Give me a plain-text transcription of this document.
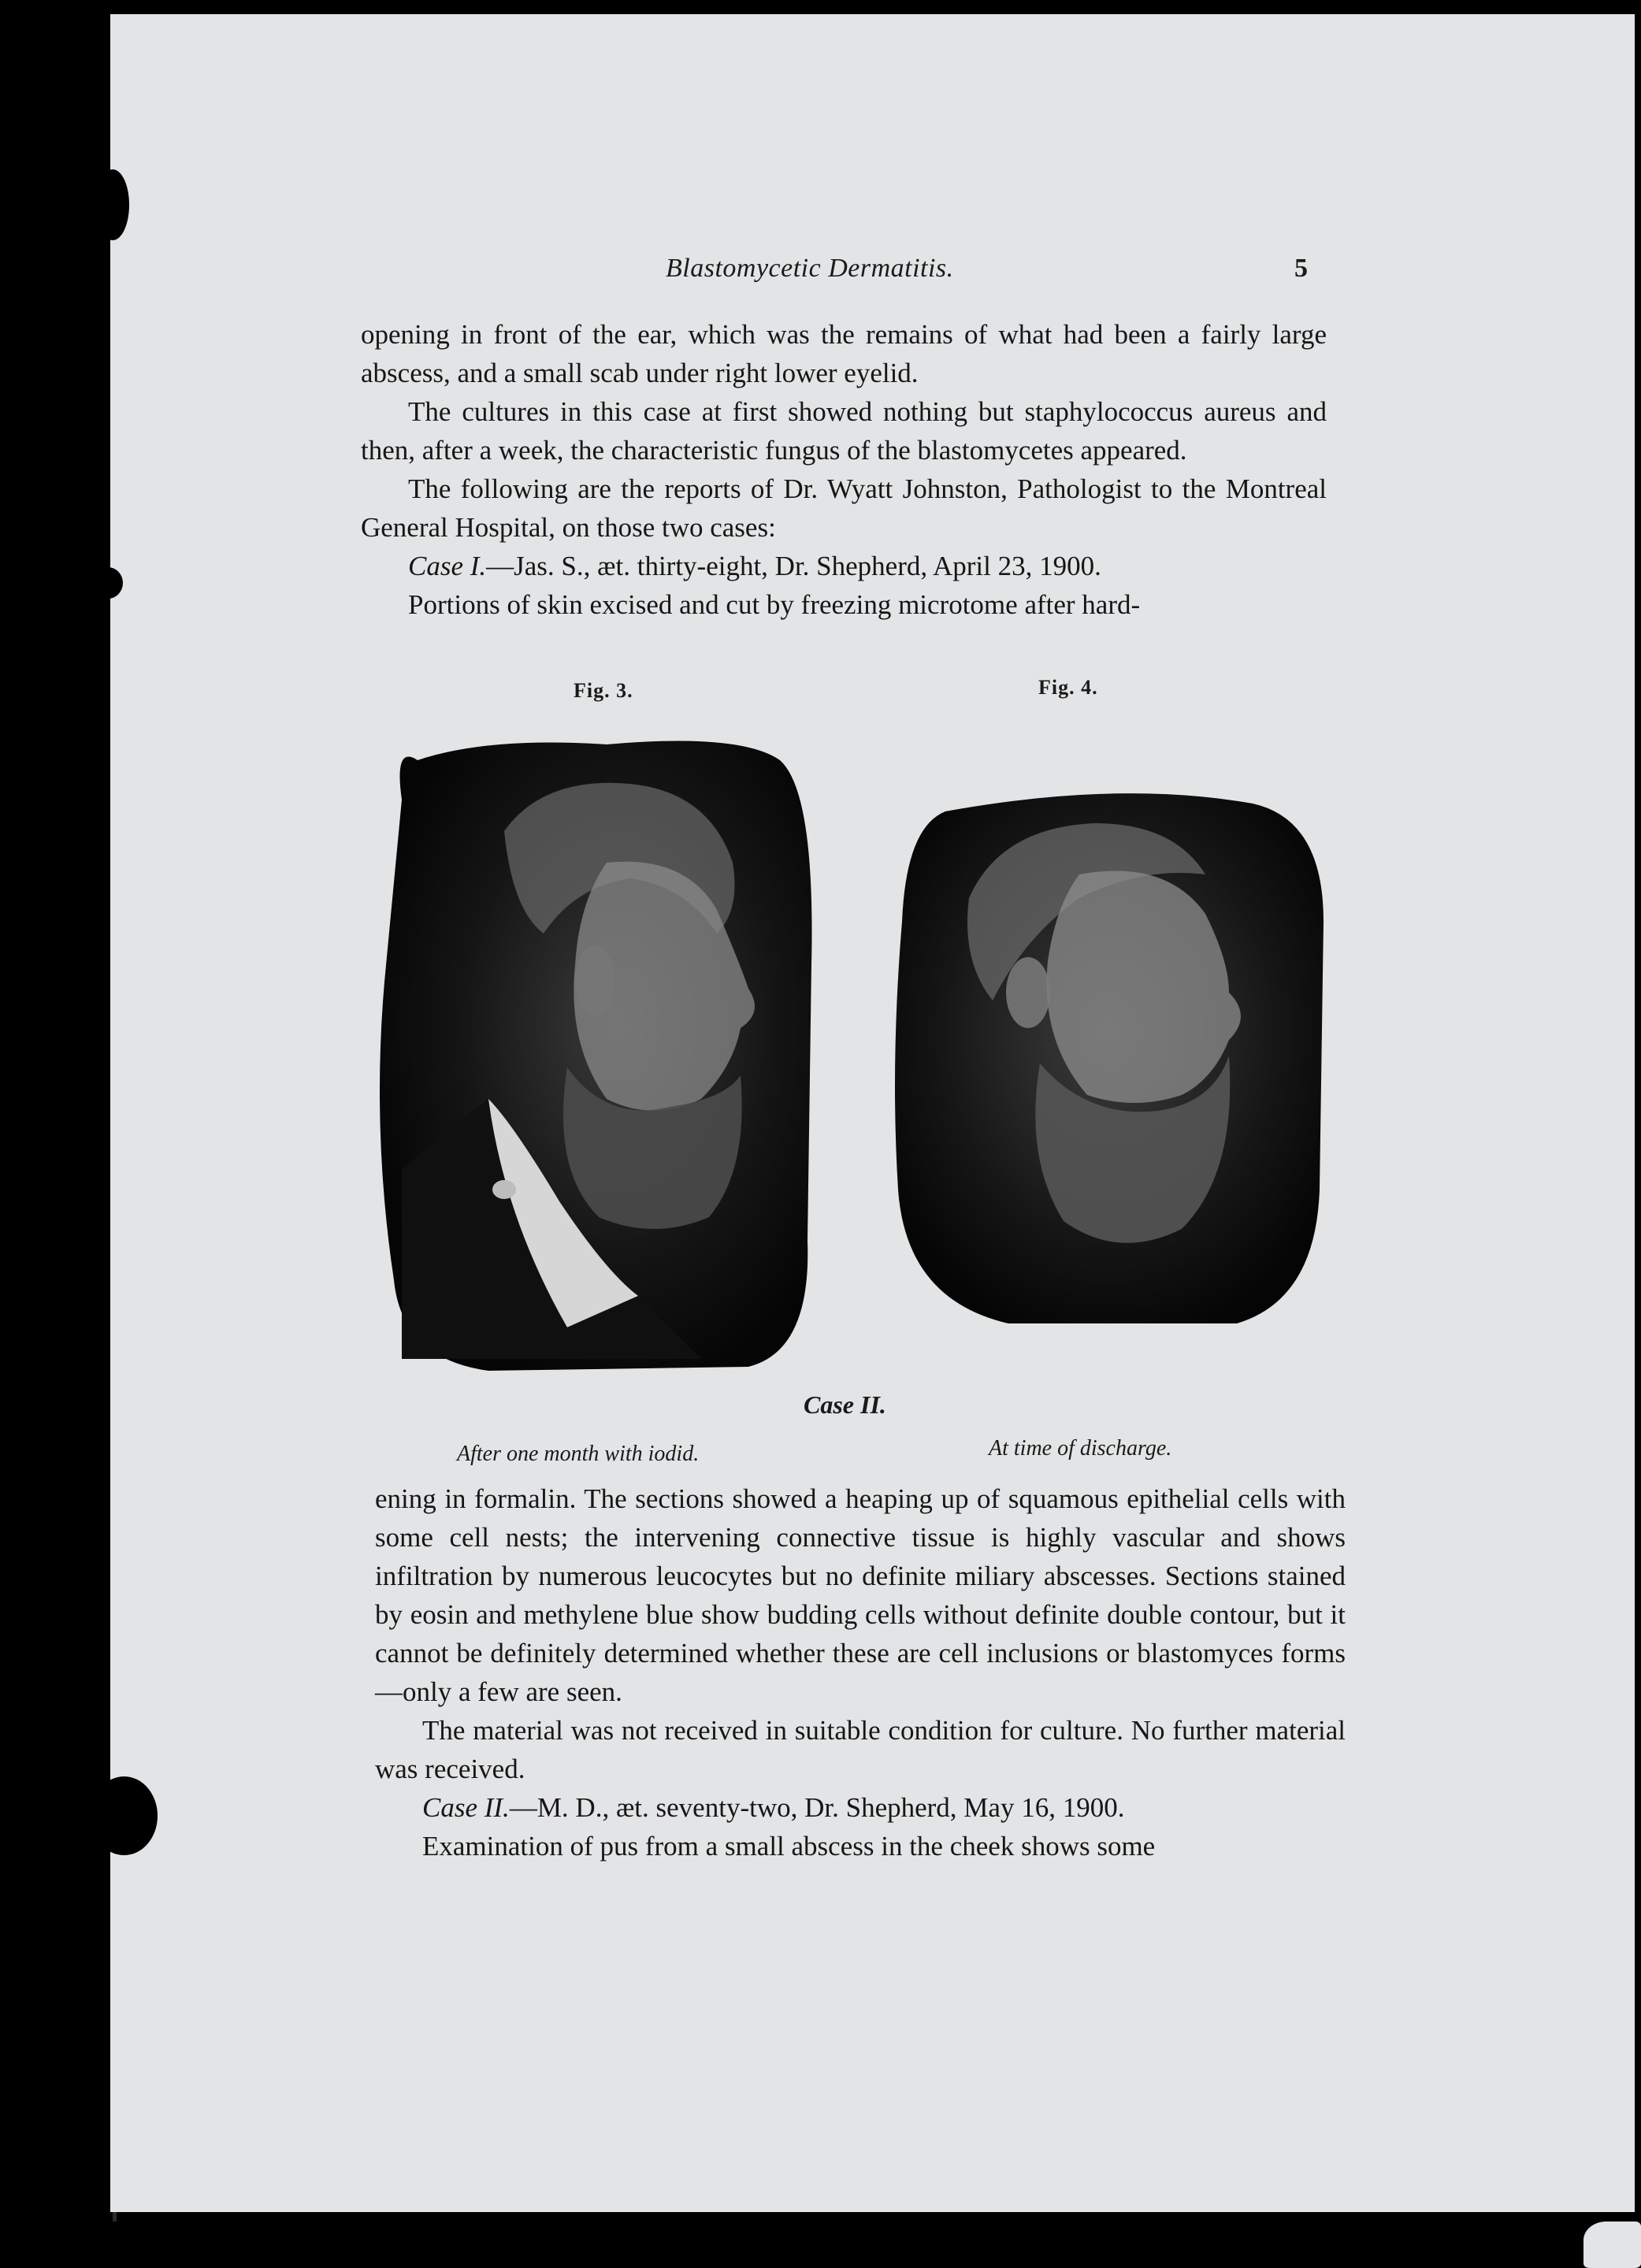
Blastomycetic Dermatitis.	5

opening in front of the ear, which was the remains of what had been a fairly large abscess, and a small scab under right lower eyelid.

The cultures in this case at first showed nothing but staphylococcus aureus and then, after a week, the characteristic fungus of the blastomycetes appeared.

The following are the reports of Dr. Wyatt Johnston, Pathologist to the Montreal General Hospital, on those two cases:

Case I.—Jas. S., æt. thirty-eight, Dr. Shepherd, April 23, 1900.

Portions of skin excised and cut by freezing microtome after hard-

Fig. 3.	Fig. 4.
Case II.
After one month with iodid.	At time of discharge.

ening in formalin. The sections showed a heaping up of squamous epithelial cells with some cell nests; the intervening connective tissue is highly vascular and shows infiltration by numerous leucocytes but no definite miliary abscesses. Sections stained by eosin and methylene blue show budding cells without definite double contour, but it cannot be definitely determined whether these are cell inclusions or blastomyces forms—only a few are seen.

The material was not received in suitable condition for culture. No further material was received.

Case II.—M. D., æt. seventy-two, Dr. Shepherd, May 16, 1900.

Examination of pus from a small abscess in the cheek shows some
